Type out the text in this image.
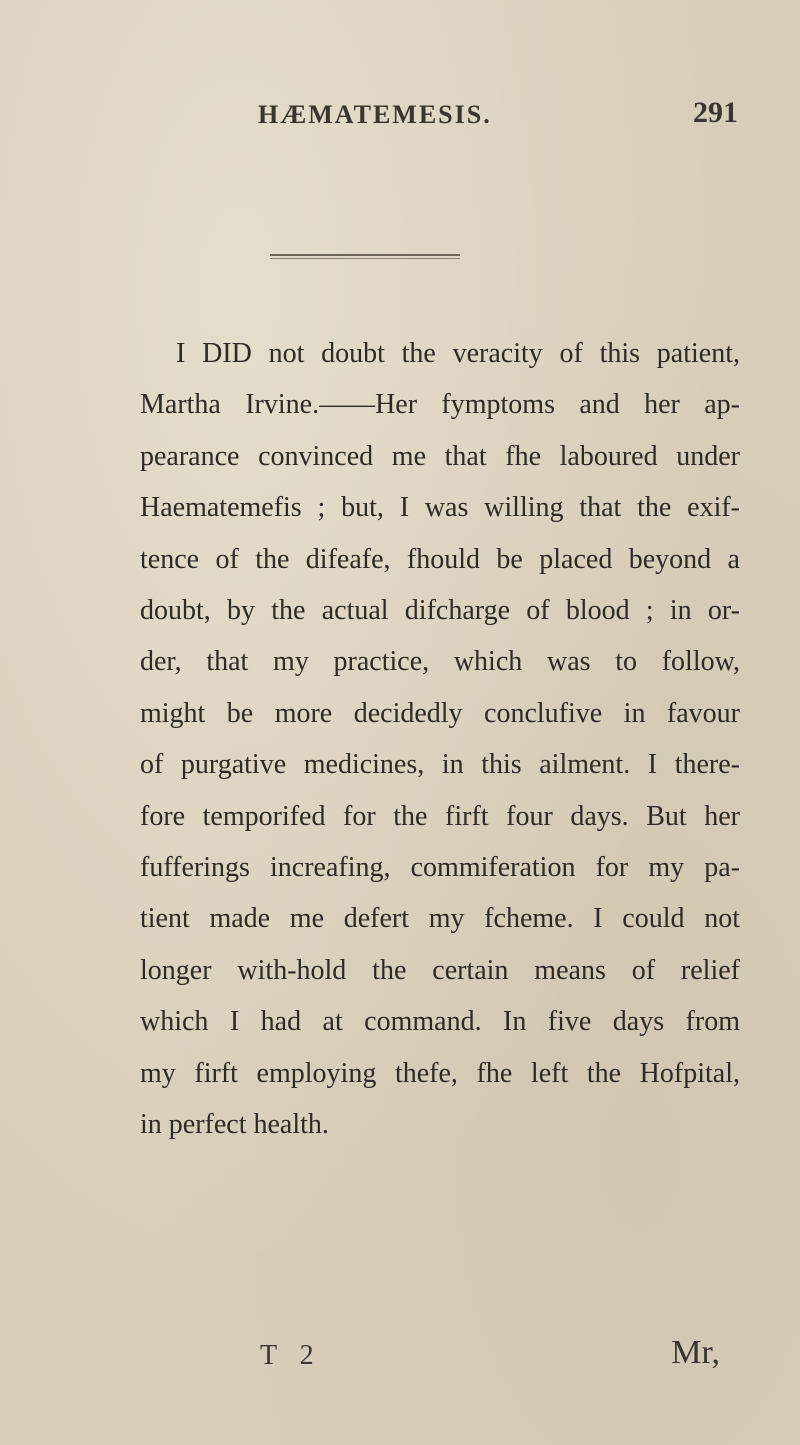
HÆMATEMESIS.	291
I DID not doubt the veracity of this patient,
Martha Irvine.——Her fymptoms and her ap-
pearance convinced me that fhe laboured under
Haematemefis ; but, I was willing that the exif-
tence of the difeafe, fhould be placed beyond a
doubt, by the actual difcharge of blood ; in or-
der, that my practice, which was to follow,
might be more decidedly conclufive in favour
of purgative medicines, in this ailment. I there-
fore temporifed for the firft four days. But her
fufferings increafing, commiferation for my pa-
tient made me defert my fcheme. I could not
longer with-hold the certain means of relief
which I had at command. In five days from
my firft employing thefe, fhe left the Hofpital,
in perfect health.
T 2	Mr,
